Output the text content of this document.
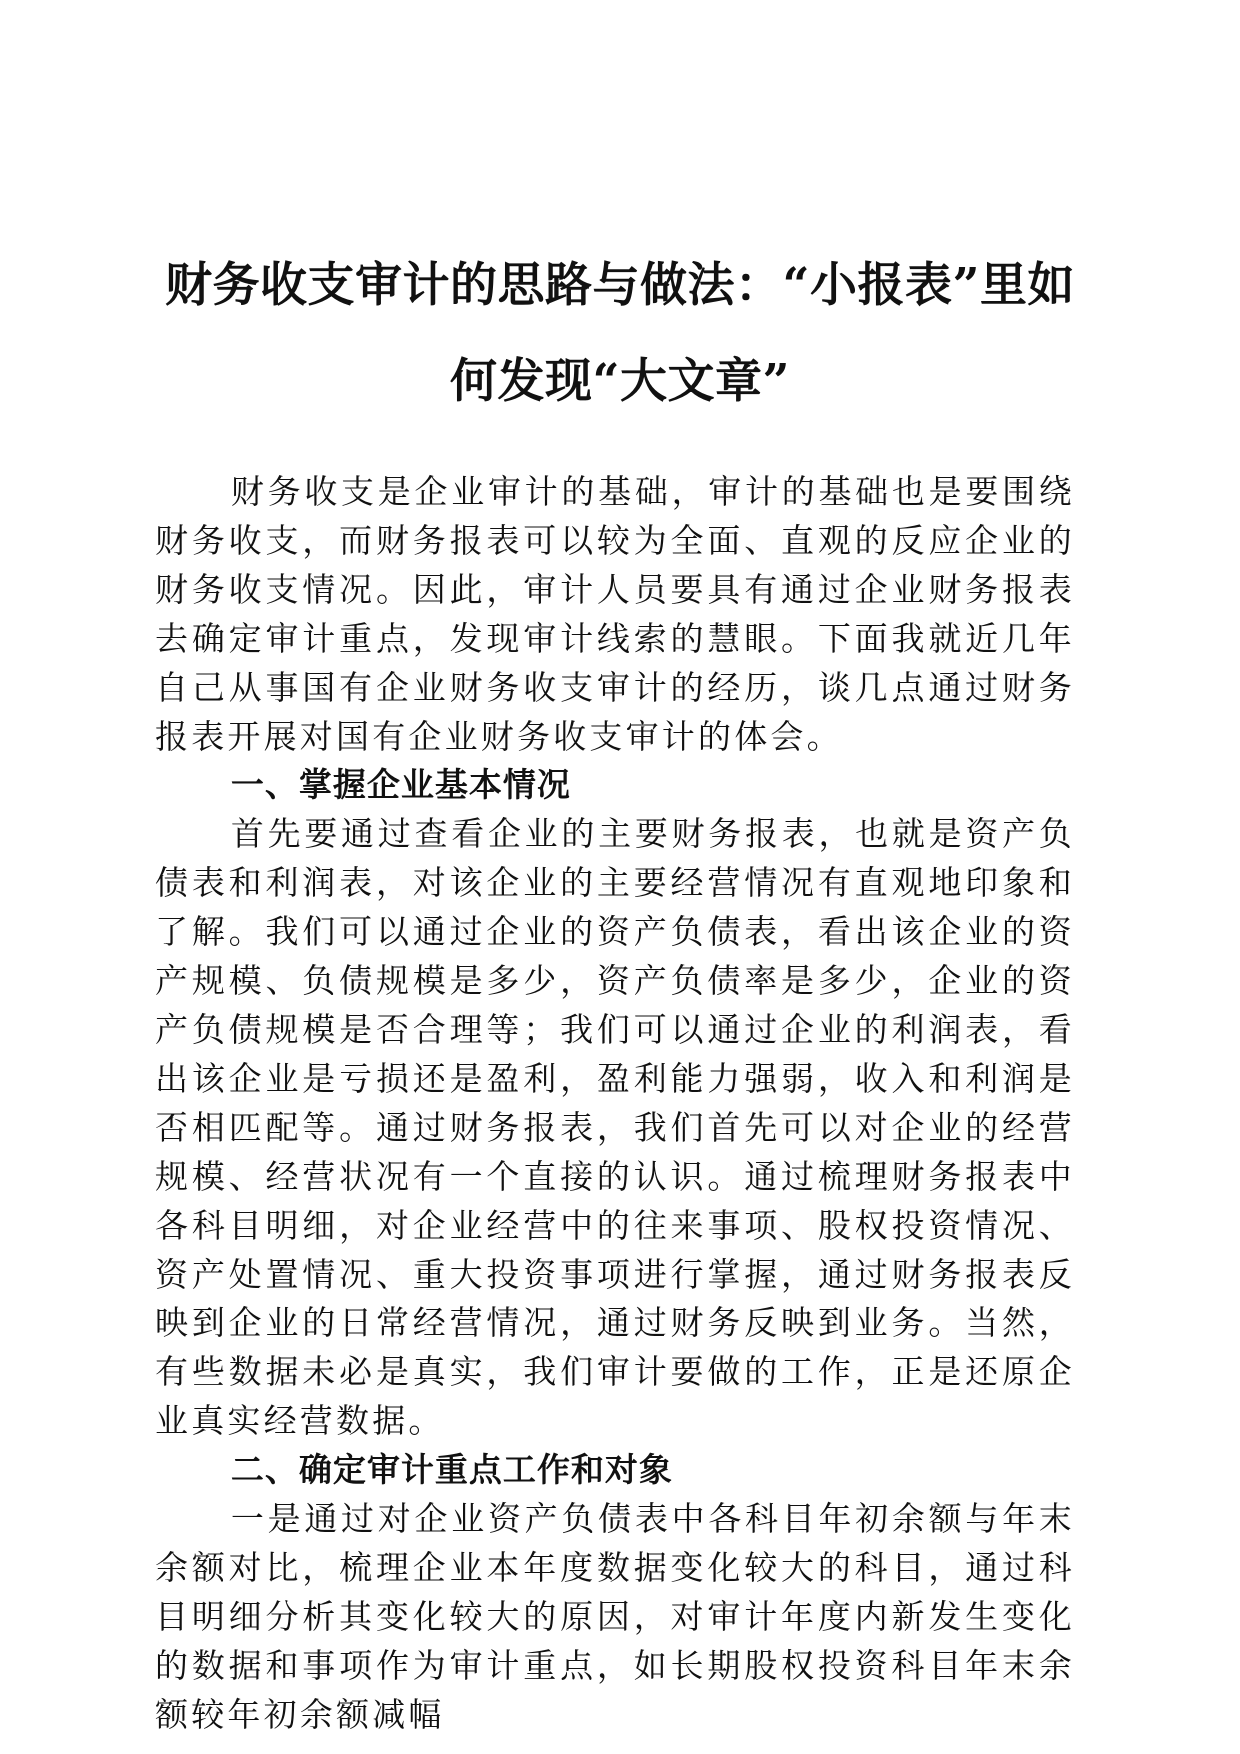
财务收支审计的思路与做法：“小报表”里如
何发现“大文章”

财务收支是企业审计的基础，审计的基础也是要围绕财务收支，而财务报表可以较为全面、直观的反应企业的财务收支情况。因此，审计人员要具有通过企业财务报表去确定审计重点，发现审计线索的慧眼。下面我就近几年自己从事国有企业财务收支审计的经历，谈几点通过财务报表开展对国有企业财务收支审计的体会。

一、掌握企业基本情况

首先要通过查看企业的主要财务报表，也就是资产负债表和利润表，对该企业的主要经营情况有直观地印象和了解。我们可以通过企业的资产负债表，看出该企业的资产规模、负债规模是多少，资产负债率是多少，企业的资产负债规模是否合理等；我们可以通过企业的利润表，看出该企业是亏损还是盈利，盈利能力强弱，收入和利润是否相匹配等。通过财务报表，我们首先可以对企业的经营规模、经营状况有一个直接的认识。通过梳理财务报表中各科目明细，对企业经营中的往来事项、股权投资情况、资产处置情况、重大投资事项进行掌握，通过财务报表反映到企业的日常经营情况，通过财务反映到业务。当然，有些数据未必是真实，我们审计要做的工作，正是还原企业真实经营数据。

二、确定审计重点工作和对象

一是通过对企业资产负债表中各科目年初余额与年末余额对比，梳理企业本年度数据变化较大的科目，通过科目明细分析其变化较大的原因，对审计年度内新发生变化的数据和事项作为审计重点，如长期股权投资科目年末余额较年初余额减幅
